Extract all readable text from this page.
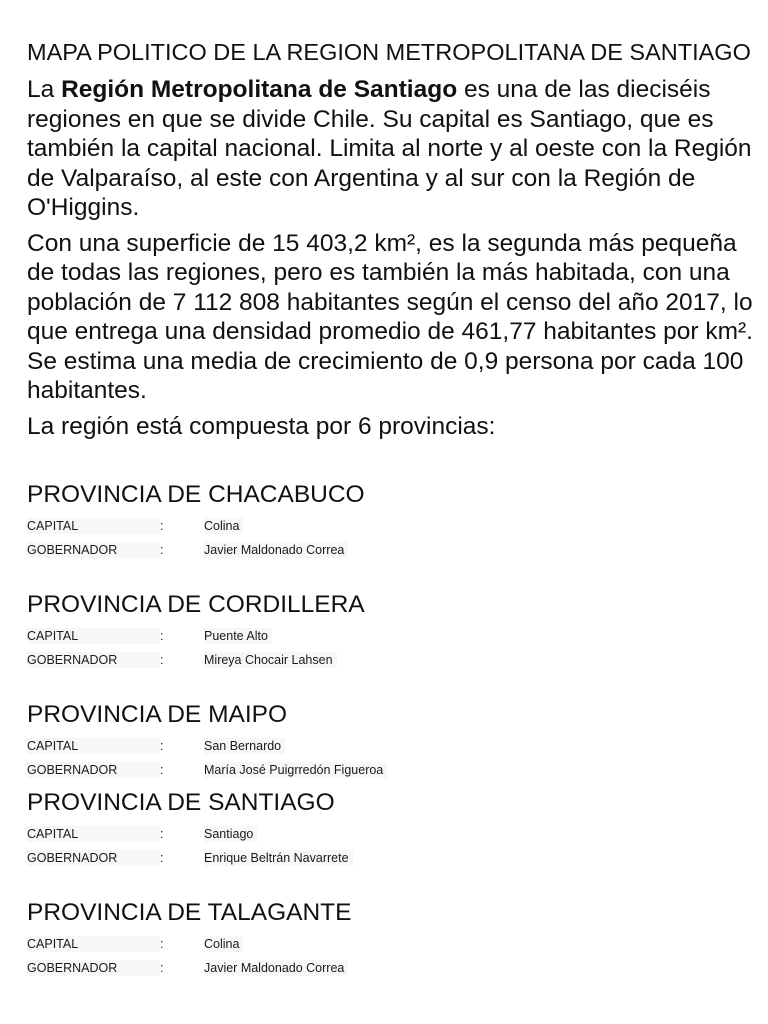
MAPA POLITICO DE LA REGION METROPOLITANA DE SANTIAGO

La Región Metropolitana de Santiago es una de las dieciséis regiones en que se divide Chile. Su capital es Santiago, que es también la capital nacional. Limita al norte y al oeste con la Región de Valparaíso, al este con Argentina y al sur con la Región de O'Higgins.

Con una superficie de 15 403,2 km², es la segunda más pequeña de todas las regiones, pero es también la más habitada, con una población de 7 112 808 habitantes según el censo del año 2017, lo que entrega una densidad promedio de 461,77 habitantes por km². Se estima una media de crecimiento de 0,9 persona por cada 100 habitantes.

La región está compuesta por 6 provincias:

PROVINCIA DE CHACABUCO
CAPITAL	:	Colina
GOBERNADOR	:	Javier Maldonado Correa
PROVINCIA DE CORDILLERA
CAPITAL	:	Puente Alto
GOBERNADOR	:	Mireya Chocair Lahsen
PROVINCIA DE MAIPO
CAPITAL	:	San Bernardo
GOBERNADOR	:	María José Puigrredón Figueroa
PROVINCIA DE SANTIAGO
CAPITAL	:	Santiago
GOBERNADOR	:	Enrique Beltrán Navarrete
PROVINCIA DE TALAGANTE
CAPITAL	:	Colina
GOBERNADOR	:	Javier Maldonado Correa
